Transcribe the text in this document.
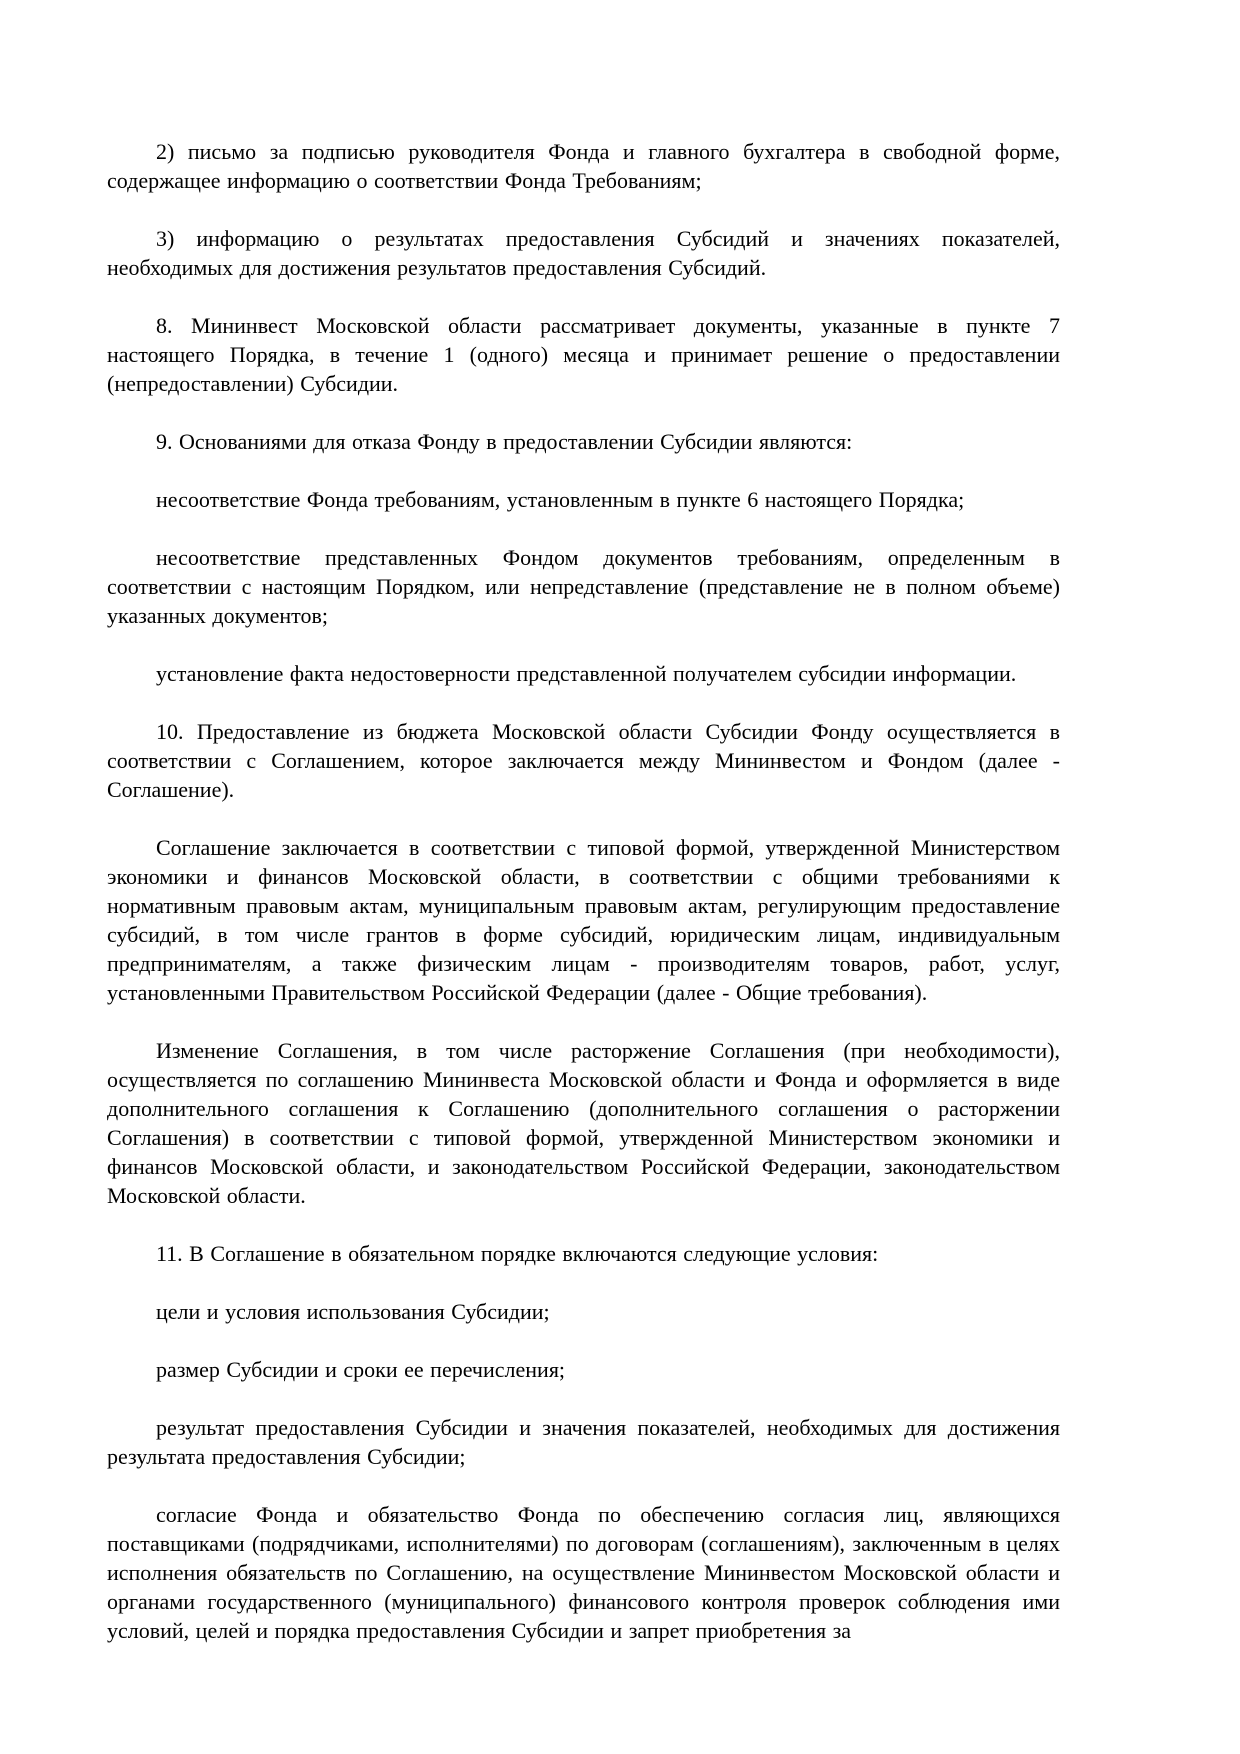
2) письмо за подписью руководителя Фонда и главного бухгалтера в свободной форме, содержащее информацию о соответствии Фонда Требованиям;

3) информацию о результатах предоставления Субсидий и значениях показателей, необходимых для достижения результатов предоставления Субсидий.

8. Мининвест Московской области рассматривает документы, указанные в пункте 7 настоящего Порядка, в течение 1 (одного) месяца и принимает решение о предоставлении (непредоставлении) Субсидии.

9. Основаниями для отказа Фонду в предоставлении Субсидии являются:

несоответствие Фонда требованиям, установленным в пункте 6 настоящего Порядка;

несоответствие представленных Фондом документов требованиям, определенным в соответствии с настоящим Порядком, или непредставление (представление не в полном объеме) указанных документов;

установление факта недостоверности представленной получателем субсидии информации.

10. Предоставление из бюджета Московской области Субсидии Фонду осуществляется в соответствии с Соглашением, которое заключается между Мининвестом и Фондом (далее - Соглашение).

Соглашение заключается в соответствии с типовой формой, утвержденной Министерством экономики и финансов Московской области, в соответствии с общими требованиями к нормативным правовым актам, муниципальным правовым актам, регулирующим предоставление субсидий, в том числе грантов в форме субсидий, юридическим лицам, индивидуальным предпринимателям, а также физическим лицам - производителям товаров, работ, услуг, установленными Правительством Российской Федерации (далее - Общие требования).

Изменение Соглашения, в том числе расторжение Соглашения (при необходимости), осуществляется по соглашению Мининвеста Московской области и Фонда и оформляется в виде дополнительного соглашения к Соглашению (дополнительного соглашения о расторжении Соглашения) в соответствии с типовой формой, утвержденной Министерством экономики и финансов Московской области, и законодательством Российской Федерации, законодательством Московской области.

11. В Соглашение в обязательном порядке включаются следующие условия:

цели и условия использования Субсидии;

размер Субсидии и сроки ее перечисления;

результат предоставления Субсидии и значения показателей, необходимых для достижения результата предоставления Субсидии;

согласие Фонда и обязательство Фонда по обеспечению согласия лиц, являющихся поставщиками (подрядчиками, исполнителями) по договорам (соглашениям), заключенным в целях исполнения обязательств по Соглашению, на осуществление Мининвестом Московской области и органами государственного (муниципального) финансового контроля проверок соблюдения ими условий, целей и порядка предоставления Субсидии и запрет приобретения за
